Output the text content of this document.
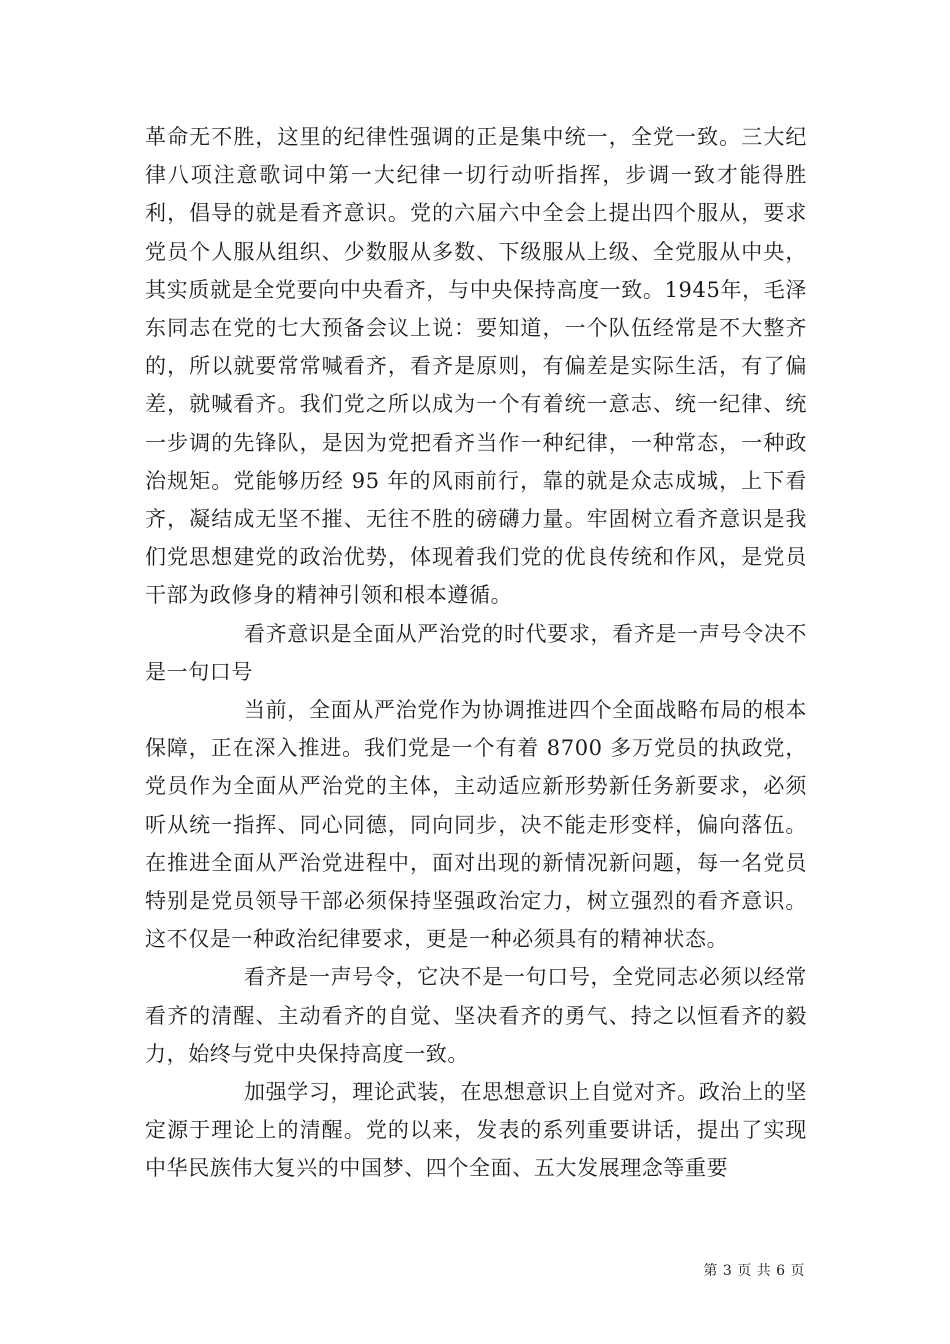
革命无不胜，这里的纪律性强调的正是集中统一，全党一致。三大纪律八项注意歌词中第一大纪律一切行动听指挥，步调一致才能得胜利，倡导的就是看齐意识。党的六届六中全会上提出四个服从，要求党员个人服从组织、少数服从多数、下级服从上级、全党服从中央，其实质就是全党要向中央看齐，与中央保持高度一致。1945年，毛泽东同志在党的七大预备会议上说：要知道，一个队伍经常是不大整齐的，所以就要常常喊看齐，看齐是原则，有偏差是实际生活，有了偏差，就喊看齐。我们党之所以成为一个有着统一意志、统一纪律、统一步调的先锋队，是因为党把看齐当作一种纪律，一种常态，一种政治规矩。党能够历经 95 年的风雨前行，靠的就是众志成城，上下看齐，凝结成无坚不摧、无往不胜的磅礴力量。牢固树立看齐意识是我们党思想建党的政治优势，体现着我们党的优良传统和作风，是党员干部为政修身的精神引领和根本遵循。

看齐意识是全面从严治党的时代要求，看齐是一声号令决不是一句口号

当前，全面从严治党作为协调推进四个全面战略布局的根本保障，正在深入推进。我们党是一个有着 8700 多万党员的执政党，党员作为全面从严治党的主体，主动适应新形势新任务新要求，必须听从统一指挥、同心同德，同向同步，决不能走形变样，偏向落伍。在推进全面从严治党进程中，面对出现的新情况新问题，每一名党员特别是党员领导干部必须保持坚强政治定力，树立强烈的看齐意识。这不仅是一种政治纪律要求，更是一种必须具有的精神状态。

看齐是一声号令，它决不是一句口号，全党同志必须以经常看齐的清醒、主动看齐的自觉、坚决看齐的勇气、持之以恒看齐的毅力，始终与党中央保持高度一致。

加强学习，理论武装，在思想意识上自觉对齐。政治上的坚定源于理论上的清醒。党的以来，发表的系列重要讲话，提出了实现中华民族伟大复兴的中国梦、四个全面、五大发展理念等重要

第 3 页 共 6 页
